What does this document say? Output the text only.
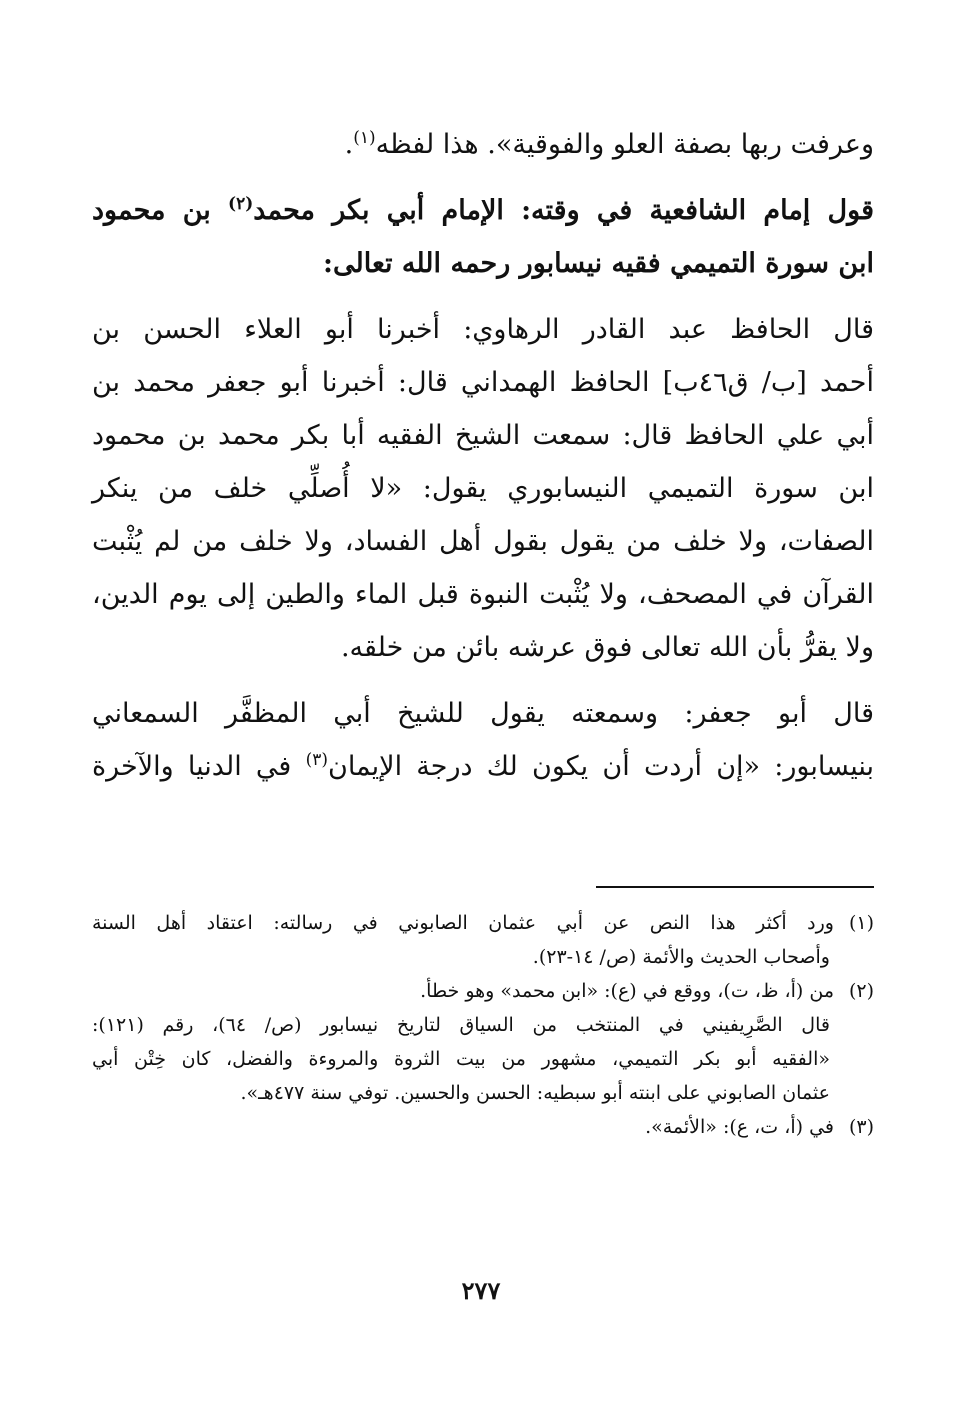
وعرفت ربها بصفة العلو والفوقية». هذا لفظه$^{(١)}$.
قول إمام الشافعية في وقته: الإمام أبي بكر محمد$^{(٢)}$ بن محمود
ابن سورة التميمي فقيه نيسابور رحمه الله تعالى:
قال الحافظ عبد القادر الرهاوي: أخبرنا أبو العلاء الحسن بن
أحمد [ب/ ق٤٦ب] الحافظ الهمداني قال: أخبرنا أبو جعفر محمد بن
أبي علي الحافظ قال: سمعت الشيخ الفقيه أبا بكر محمد بن محمود
ابن سورة التميمي النيسابوري يقول: «لا أُصلِّي خلف من ينكر
الصفات، ولا خلف من يقول بقول أهل الفساد، ولا خلف من لم يُثْبت
القرآن في المصحف، ولا يُثْبت النبوة قبل الماء والطين إلى يوم الدين،
ولا يقرُّ بأن الله تعالى فوق عرشه بائن من خلقه.
قال أبو جعفر: وسمعته يقول للشيخ أبي المظفَّر السمعاني
بنيسابور: «إن أردت أن يكون لك درجة الإيمان$^{(٣)}$ في الدنيا والآخرة
(١)ورد أكثر هذا النص عن أبي عثمان الصابوني في رسالته: اعتقاد أهل السنة
وأصحاب الحديث والأئمة (ص/ ١٤-٢٣).
(٢)من (أ، ظ، ت)، ووقع في (ع): «ابن محمد» وهو خطأ.
قال الصَّرِيفيني في المنتخب من السياق لتاريخ نيسابور (ص/ ٦٤)، رقم (١٢١):
«الفقيه أبو بكر التميمي، مشهور من بيت الثروة والمروءة والفضل، كان خِتْن أبي
عثمان الصابوني على ابنته أبو سبطيه: الحسن والحسين. توفي سنة ٤٧٧هـ».
(٣)في (أ، ت، ع): «الأئمة».
٢٧٧
